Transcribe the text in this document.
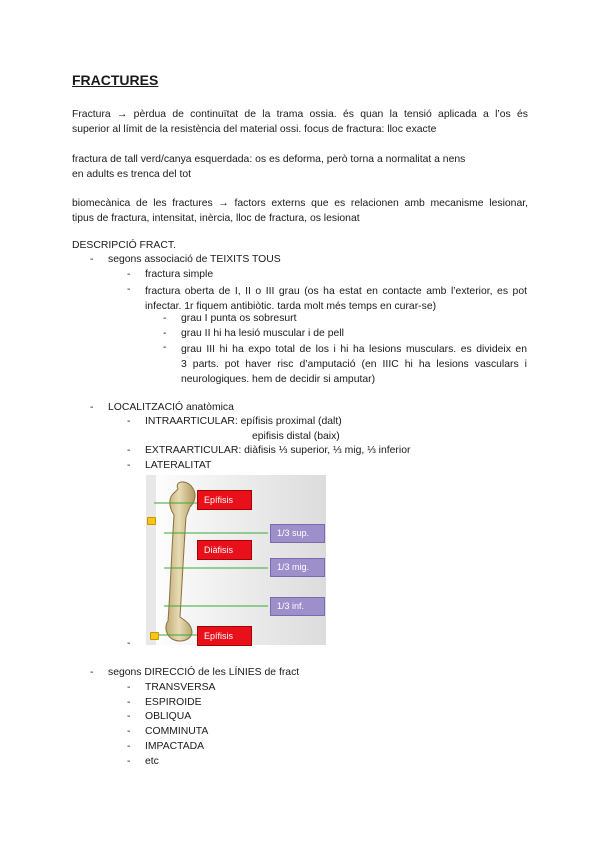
FRACTURES
Fractura → pèrdua de continuïtat de la trama ossia. és quan la tensió aplicada a l’os és
superior al límit de la resistència del material ossi. focus de fractura: lloc exacte
fractura de tall verd/canya esquerdada: os es deforma, però torna a normalitat a nens
en adults es trenca del tot
biomecànica de les fractures → factors externs que es relacionen amb mecanisme lesionar,
tipus de fractura, intensitat, inèrcia, lloc de fractura, os lesionat
DESCRIPCIÓ FRACT.
- segons associació de TEIXITS TOUS
- fractura simple
- fractura oberta de I, II o III grau (os ha estat en contacte amb l’exterior, es pot
infectar. 1r fiquem antibiòtic. tarda molt més temps en curar-se)
- grau I punta os sobresurt
- grau II hi ha lesió muscular i de pell
- grau III hi ha expo total de los i hi ha lesions musculars. es divideix en
3 parts. pot haver risc d’amputació (en IIIC hi ha lesions vasculars i
neurologiques. hem de decidir si amputar)
- LOCALITZACIÓ anatòmica
- INTRAARTICULAR: epífisis proximal (dalt)
epifisis distal (baix)
- EXTRAARTICULAR: diàfisis ⅓ superior, ⅓ mig, ⅓ inferior
- LATERALITAT
Epífisis
Diàfisis
Epífisis
1/3 sup.
1/3 mig.
1/3 inf.
-
- segons DIRECCIÓ de les LÍNIES de fract
- TRANSVERSA
- ESPIROIDE
- OBLIQUA
- COMMINUTA
- IMPACTADA
- etc
